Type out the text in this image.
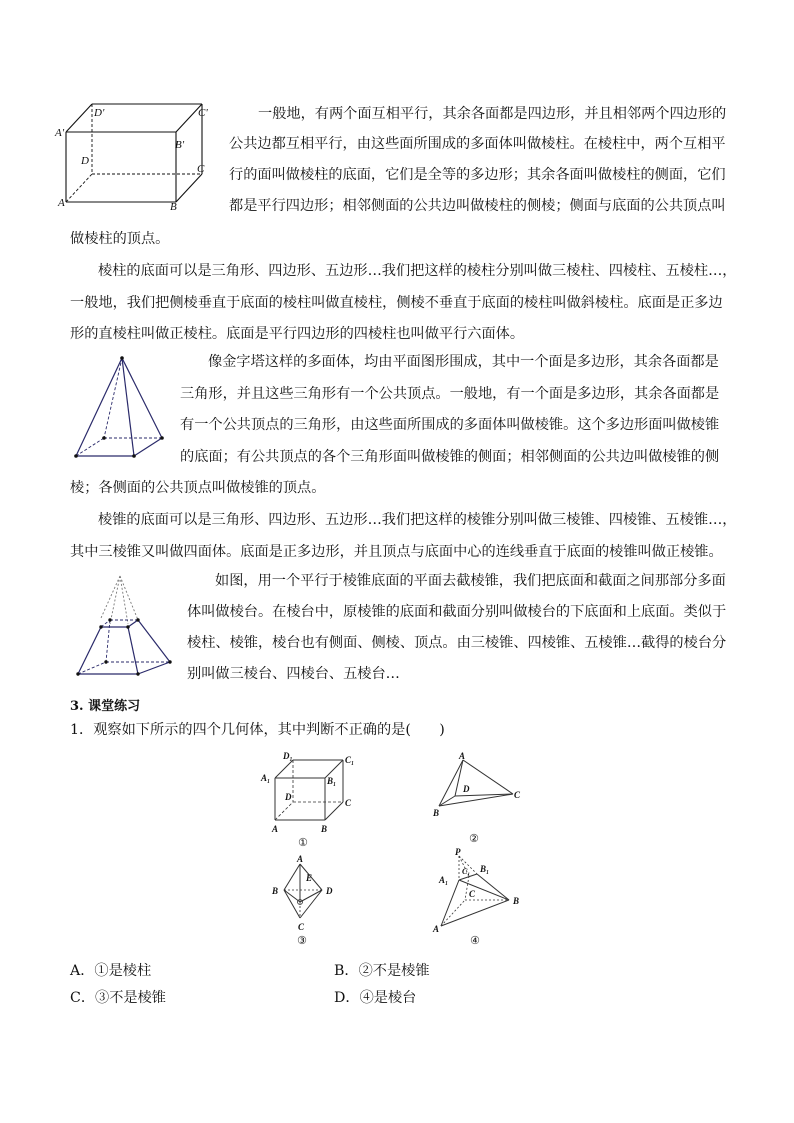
D'	C'
A'
B'
D
C
A	B
一般地，有两个面互相平行，其余各面都是四边形，并且相邻两个四边形的
公共边都互相平行，由这些面所围成的多面体叫做棱柱。在棱柱中，两个互相平
行的面叫做棱柱的底面，它们是全等的多边形；其余各面叫做棱柱的侧面，它们
都是平行四边形；相邻侧面的公共边叫做棱柱的侧棱；侧面与底面的公共顶点叫
做棱柱的顶点。
棱柱的底面可以是三角形、四边形、五边形…我们把这样的棱柱分别叫做三棱柱、四棱柱、五棱柱…，
一般地，我们把侧棱垂直于底面的棱柱叫做直棱柱，侧棱不垂直于底面的棱柱叫做斜棱柱。底面是正多边
形的直棱柱叫做正棱柱。底面是平行四边形的四棱柱也叫做平行六面体。
像金字塔这样的多面体，均由平面图形围成，其中一个面是多边形，其余各面都是
三角形，并且这些三角形有一个公共顶点。一般地，有一个面是多边形，其余各面都是
有一个公共顶点的三角形，由这些面所围成的多面体叫做棱锥。这个多边形面叫做棱锥
的底面；有公共顶点的各个三角形面叫做棱锥的侧面；相邻侧面的公共边叫做棱锥的侧
棱；各侧面的公共顶点叫做棱锥的顶点。
棱锥的底面可以是三角形、四边形、五边形…我们把这样的棱锥分别叫做三棱锥、四棱锥、五棱锥…，
其中三棱锥又叫做四面体。底面是正多边形，并且顶点与底面中心的连线垂直于底面的棱锥叫做正棱锥。
如图，用一个平行于棱锥底面的平面去截棱锥，我们把底面和截面之间那部分多面
体叫做棱台。在棱台中，原棱锥的底面和截面分别叫做棱台的下底面和上底面。类似于
棱柱、棱锥，棱台也有侧面、侧棱、顶点。由三棱锥、四棱锥、五棱锥…截得的棱台分
别叫做三棱台、四棱台、五棱台…
3. 课堂练习
1．观察如下所示的四个几何体，其中判断不正确的是(　　)
D₁	C₁
A₁	B₁
D
C
A	B
①
A
D
C
B
②
A
E
B	D
C
③
P
C₁
A₁
B₁
C
B
A
④
A．①是棱柱	B．②不是棱锥
C．③不是棱锥	D．④是棱台
